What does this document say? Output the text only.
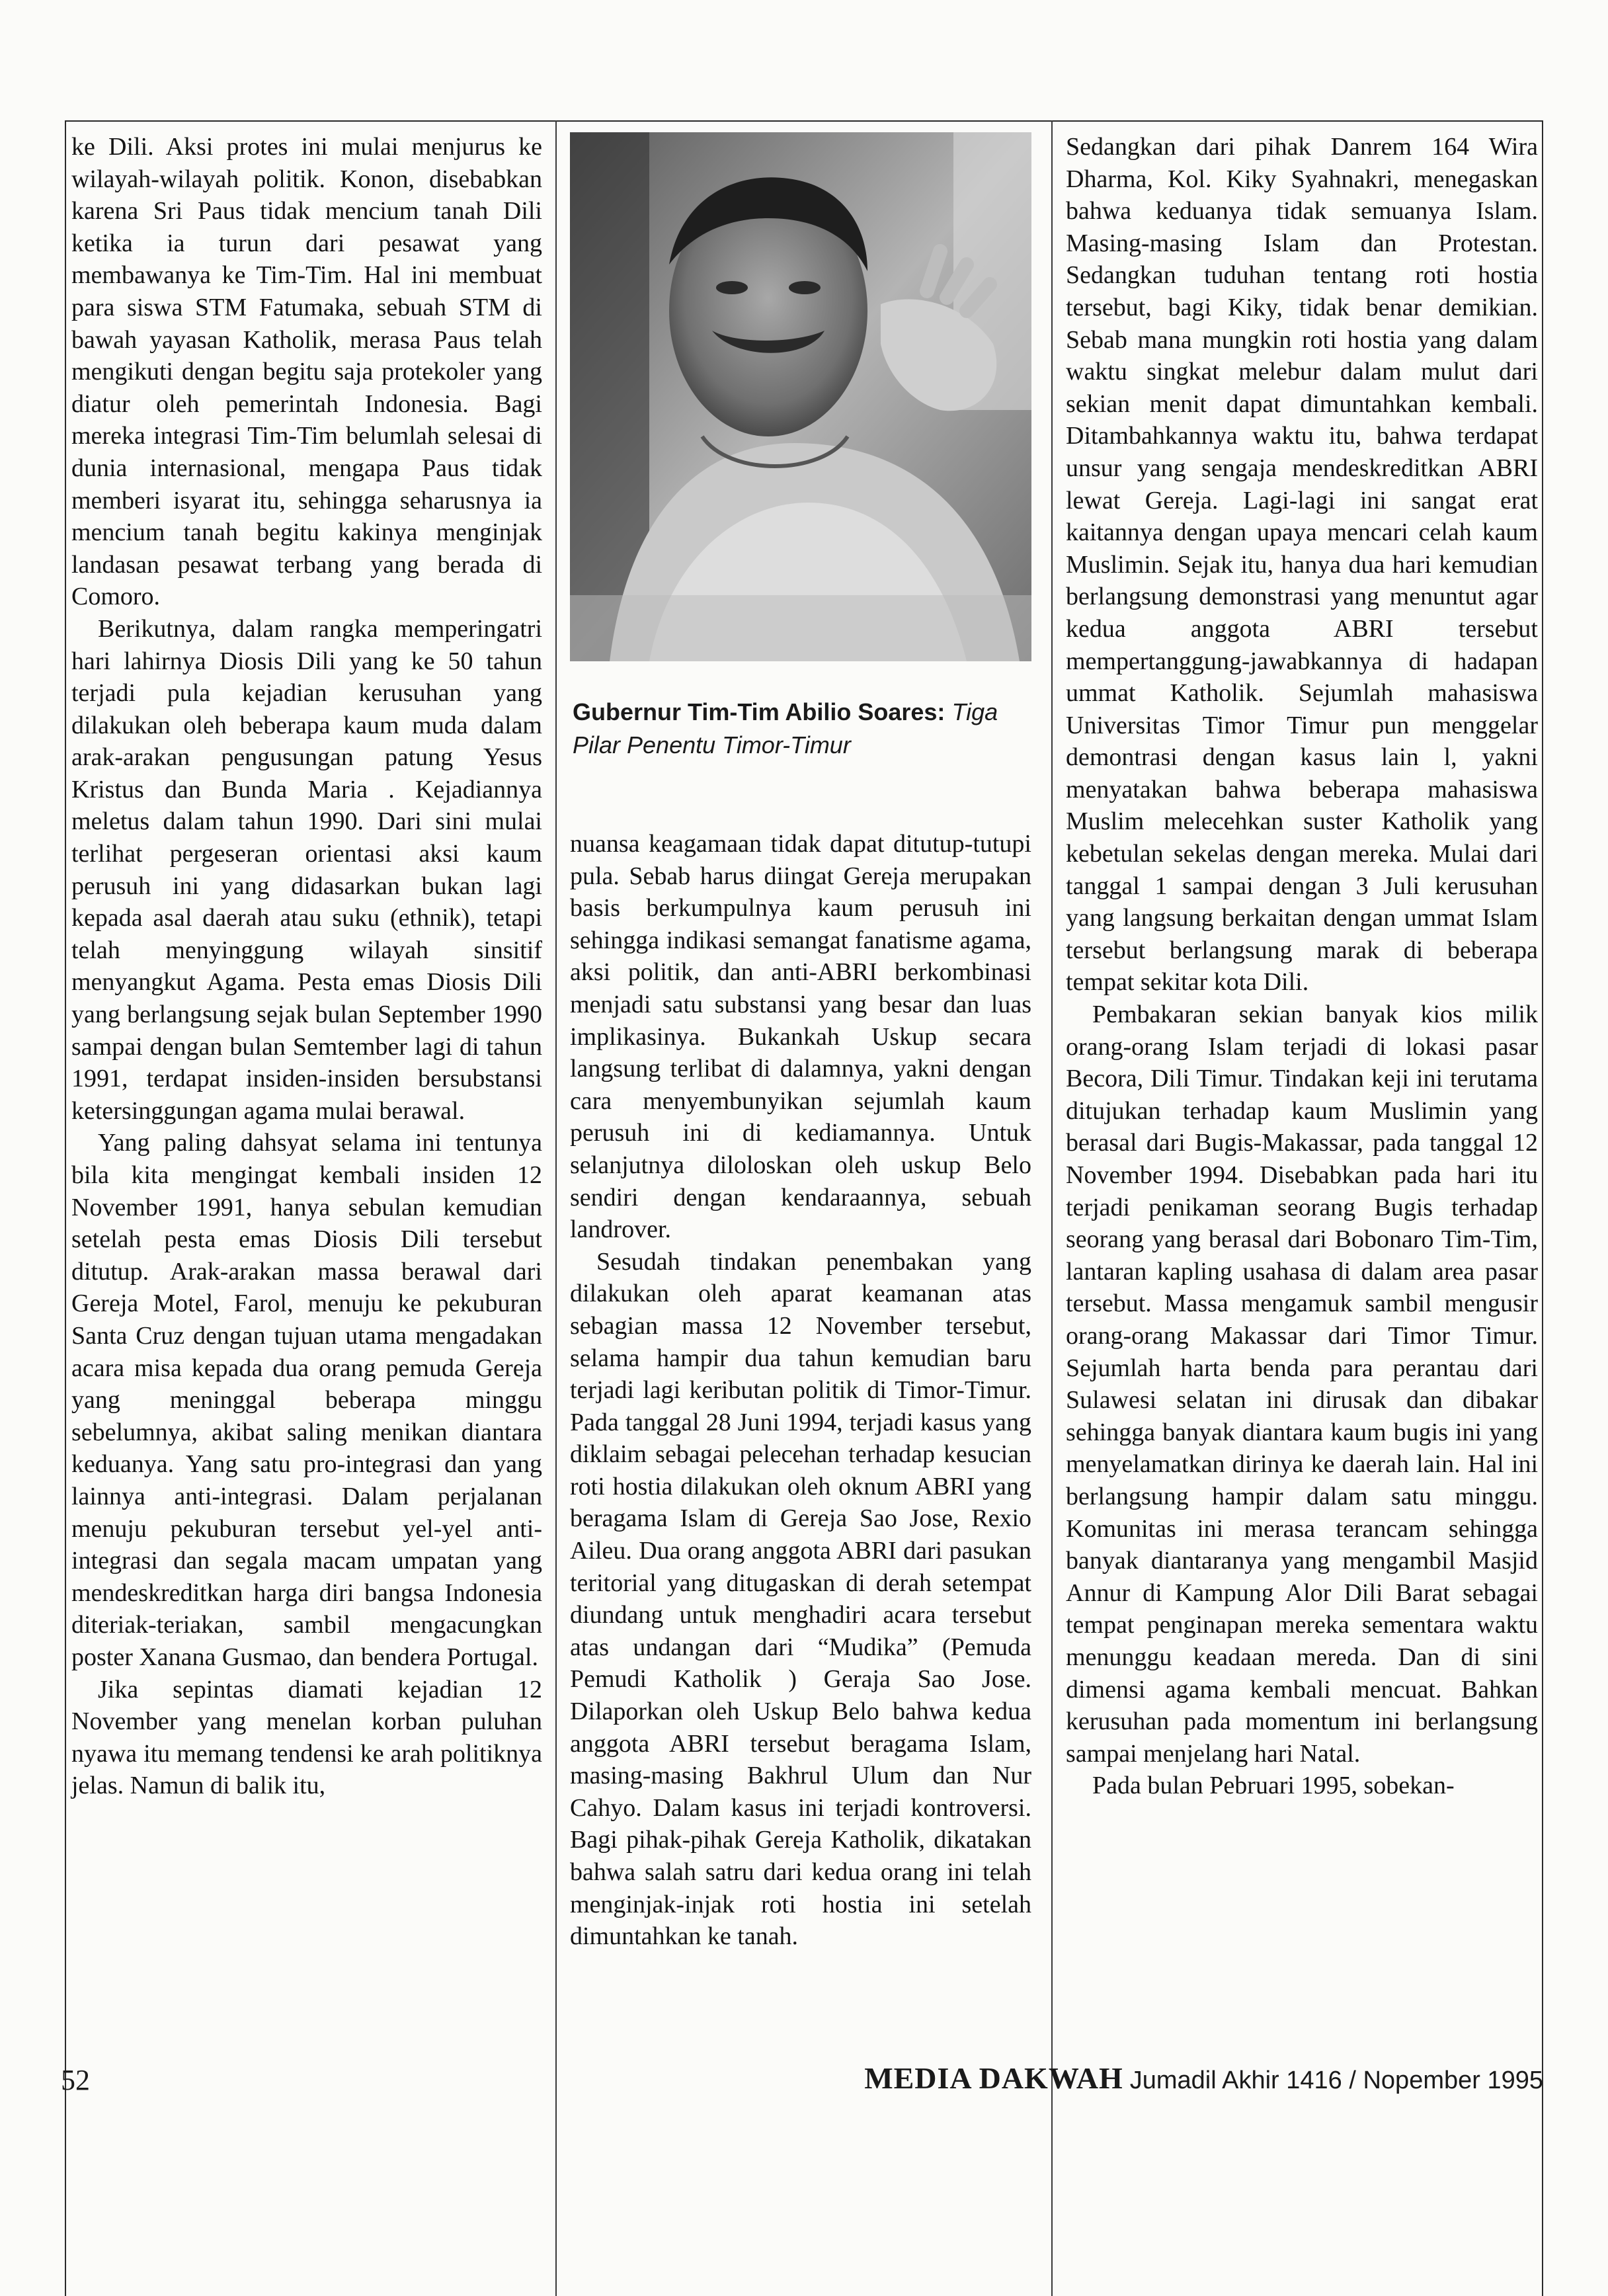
ke Dili. Aksi protes ini mulai menjurus ke wilayah-wilayah politik. Konon, disebabkan karena Sri Paus tidak mencium tanah Dili ketika ia turun dari pesawat yang membawanya ke Tim-Tim. Hal ini membuat para siswa STM Fatumaka, sebuah STM di bawah yayasan Katholik, merasa Paus telah mengikuti dengan begitu saja protekoler yang diatur oleh pemerintah Indonesia. Bagi mereka integrasi Tim-Tim belumlah selesai di dunia internasional, mengapa Paus tidak memberi isyarat itu, sehingga seharusnya ia mencium tanah begitu kakinya menginjak landasan pesawat terbang yang berada di Comoro.

Berikutnya, dalam rangka memperingatri hari lahirnya Diosis Dili yang ke 50 tahun terjadi pula kejadian kerusuhan yang dilakukan oleh beberapa kaum muda dalam arak-arakan pengusungan patung Yesus Kristus dan Bunda Maria . Kejadiannya meletus dalam tahun 1990. Dari sini mulai terlihat pergeseran orientasi aksi kaum perusuh ini yang didasarkan bukan lagi kepada asal daerah atau suku (ethnik), tetapi telah menyinggung wilayah sinsitif menyangkut Agama. Pesta emas Diosis Dili yang berlangsung sejak bulan September 1990 sampai dengan bulan Semtember lagi di tahun 1991, terdapat insiden-insiden bersubstansi ketersinggungan agama mulai berawal.

Yang paling dahsyat selama ini tentunya bila kita mengingat kembali insiden 12 November 1991, hanya sebulan kemudian setelah pesta emas Diosis Dili tersebut ditutup. Arak-arakan massa berawal dari Gereja Motel, Farol, menuju ke pekuburan Santa Cruz dengan tujuan utama mengadakan acara misa kepada dua orang pemuda Gereja yang meninggal beberapa minggu sebelumnya, akibat saling menikan diantara keduanya. Yang satu pro-integrasi dan yang lainnya anti-integrasi. Dalam perjalanan menuju pekuburan tersebut yel-yel anti-integrasi dan segala macam umpatan yang mendeskreditkan harga diri bangsa Indonesia diteriak-teriakan, sambil mengacungkan poster Xanana Gusmao, dan bendera Portugal.

Jika sepintas diamati kejadian 12 November yang menelan korban puluhan nyawa itu memang tendensi ke arah politiknya jelas. Namun di balik itu,

Gubernur Tim-Tim Abilio Soares: Tiga Pilar Penentu Timor-Timur

nuansa keagamaan tidak dapat ditutup-tutupi pula. Sebab harus diingat Gereja merupakan basis berkumpulnya kaum perusuh ini sehingga indikasi semangat fanatisme agama, aksi politik, dan anti-ABRI berkombinasi menjadi satu substansi yang besar dan luas implikasinya. Bukankah Uskup secara langsung terlibat di dalamnya, yakni dengan cara menyembunyikan sejumlah kaum perusuh ini di kediamannya. Untuk selanjutnya diloloskan oleh uskup Belo sendiri dengan kendaraannya, sebuah landrover.

Sesudah tindakan penembakan yang dilakukan oleh aparat keamanan atas sebagian massa 12 November tersebut, selama hampir dua tahun kemudian baru terjadi lagi keributan politik di Timor-Timur. Pada tanggal 28 Juni 1994, terjadi kasus yang diklaim sebagai pelecehan terhadap kesucian roti hostia dilakukan oleh oknum ABRI yang beragama Islam di Gereja Sao Jose, Rexio Aileu. Dua orang anggota ABRI dari pasukan teritorial yang ditugaskan di derah setempat diundang untuk menghadiri acara tersebut atas undangan dari “Mudika” (Pemuda Pemudi Katholik ) Geraja Sao Jose. Dilaporkan oleh Uskup Belo bahwa kedua anggota ABRI tersebut beragama Islam, masing-masing Bakhrul Ulum dan Nur Cahyo. Dalam kasus ini terjadi kontroversi. Bagi pihak-pihak Gereja Katholik, dikatakan bahwa salah satru dari kedua orang ini telah menginjak-injak roti hostia ini setelah dimuntahkan ke tanah.

Sedangkan dari pihak Danrem 164 Wira Dharma, Kol. Kiky Syahnakri, menegaskan bahwa keduanya tidak semuanya Islam. Masing-masing Islam dan Protestan. Sedangkan tuduhan tentang roti hostia tersebut, bagi Kiky, tidak benar demikian. Sebab mana mungkin roti hostia yang dalam waktu singkat melebur dalam mulut dari sekian menit dapat dimuntahkan kembali. Ditambahkannya waktu itu, bahwa terdapat unsur yang sengaja mendeskreditkan ABRI lewat Gereja. Lagi-lagi ini sangat erat kaitannya dengan upaya mencari celah kaum Muslimin. Sejak itu, hanya dua hari kemudian berlangsung demonstrasi yang menuntut agar kedua anggota ABRI tersebut mempertanggung-jawabkannya di hadapan ummat Katholik. Sejumlah mahasiswa Universitas Timor Timur pun menggelar demontrasi dengan kasus lain l, yakni menyatakan bahwa beberapa mahasiswa Muslim melecehkan suster Katholik yang kebetulan sekelas dengan mereka. Mulai dari tanggal 1 sampai dengan 3 Juli kerusuhan yang langsung berkaitan dengan ummat Islam tersebut berlangsung marak di beberapa tempat sekitar kota Dili.

Pembakaran sekian banyak kios milik orang-orang Islam terjadi di lokasi pasar Becora, Dili Timur. Tindakan keji ini terutama ditujukan terhadap kaum Muslimin yang berasal dari Bugis-Makassar, pada tanggal 12 November 1994. Disebabkan pada hari itu terjadi penikaman seorang Bugis terhadap seorang yang berasal dari Bobonaro Tim-Tim, lantaran kapling usahasa di dalam area pasar tersebut. Massa mengamuk sambil mengusir orang-orang Makassar dari Timor Timur. Sejumlah harta benda para perantau dari Sulawesi selatan ini dirusak dan dibakar sehingga banyak diantara kaum bugis ini yang menyelamatkan dirinya ke daerah lain. Hal ini berlangsung hampir dalam satu minggu. Komunitas ini merasa terancam sehingga banyak diantaranya yang mengambil Masjid Annur di Kampung Alor Dili Barat sebagai tempat penginapan mereka sementara waktu menunggu keadaan mereda. Dan di sini dimensi agama kembali mencuat. Bahkan kerusuhan pada momentum ini berlangsung sampai menjelang hari Natal.

Pada bulan Pebruari 1995, sobekan-

52	MEDIA DAKWAH Jumadil Akhir 1416 / Nopember 1995
